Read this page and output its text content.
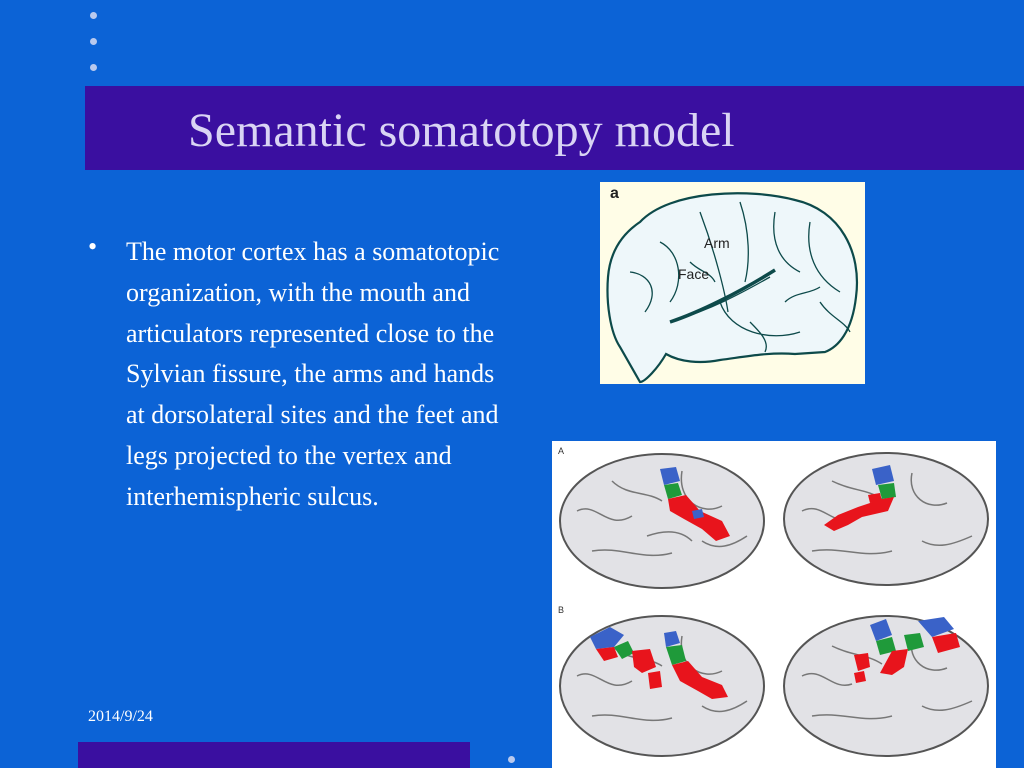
Semantic somatotopy model
• The motor cortex has a somatotopic organization, with the mouth and articulators represented close to the Sylvian fissure, the arms and hands at dorsolateral sites and the feet and legs projected to the vertex and interhemispheric sulcus.
a
Arm
Face
A
B
2014/9/24
